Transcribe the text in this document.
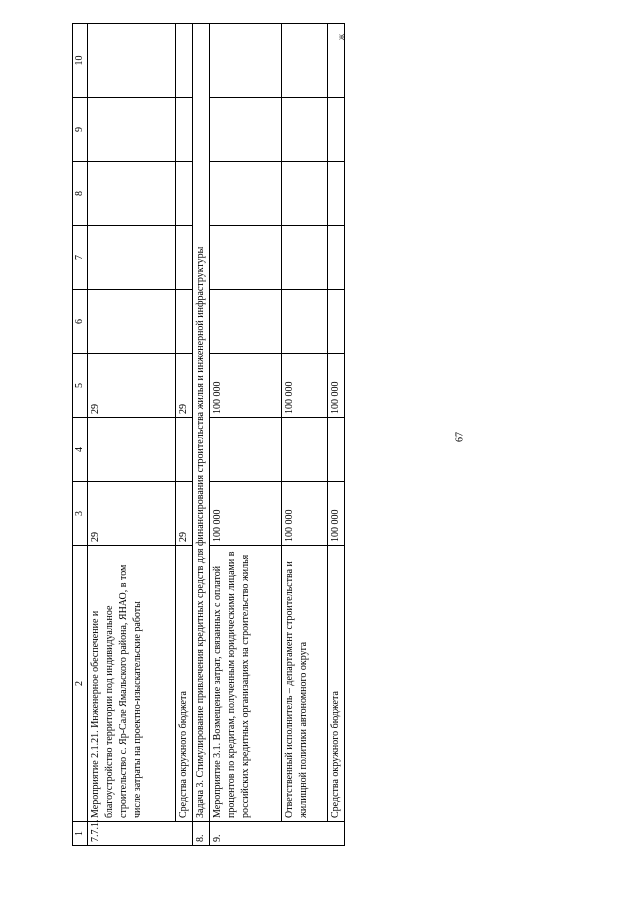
67
ж
1	2	3	4	5	6	7	8	9	10
7.7.1.	Мероприятие 2.1.21. Инженерное обеспечение и благоустройство территории под индивидуальное строительство с. Яр-Сале Ямальского района, ЯНАО, в том числе затраты на проектно-изыскательские работы	29		29					
	Средства окружного бюджета	29		29					
8.	Задача 3. Стимулирование привлечения кредитных средств для финансирования строительства жилья и инженерной инфраструктуры								
9.	Мероприятие 3.1. Возмещение затрат, связанных с оплатой процентов по кредитам, полученным юридическими лицами в российских кредитных организациях на строительство жилья	100 000		100 000					
	Ответственный исполнитель – департамент строительства и жилищной политики автономного округа	100 000		100 000					
	Средства окружного бюджета	100 000		100 000					
